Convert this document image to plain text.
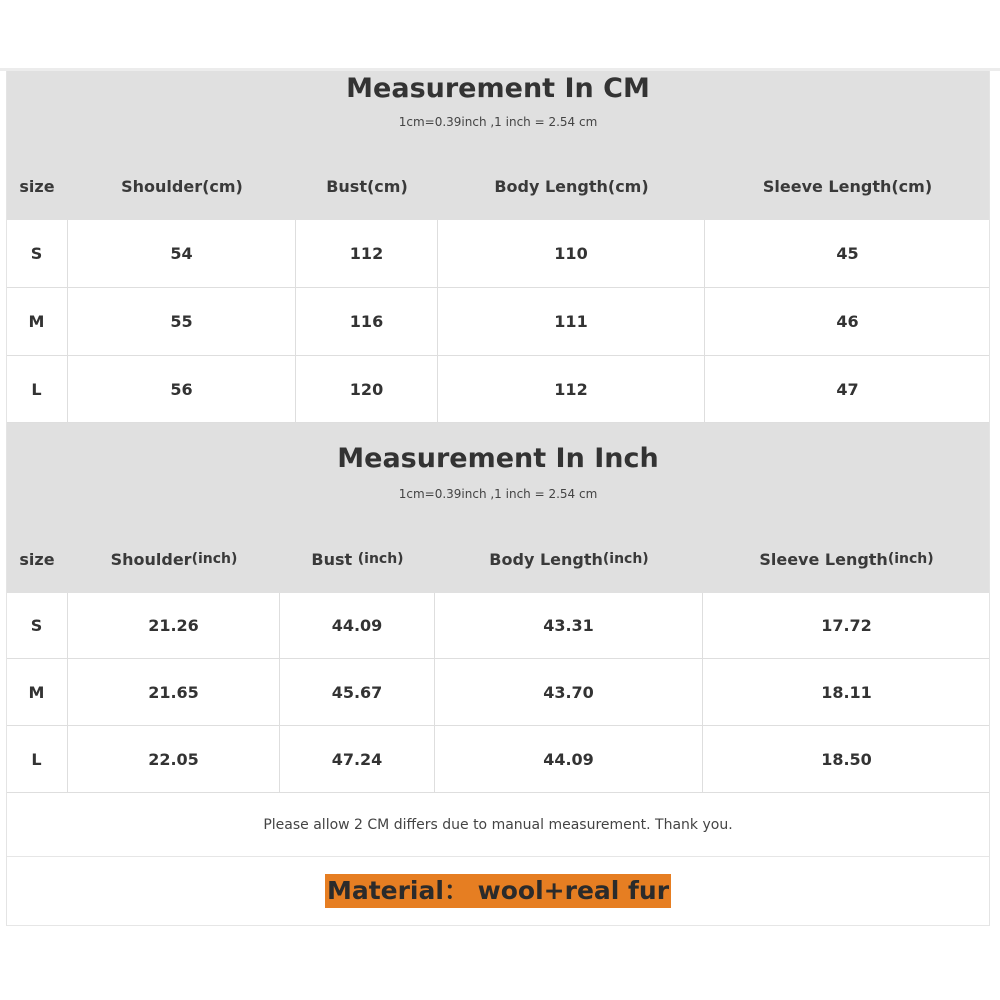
Measurement In CM
1cm=0.39inch ,1 inch = 2.54 cm
size	Shoulder(cm)	Bust(cm)	Body Length(cm)	Sleeve Length(cm)
S	54	112	110	45
M	55	116	111	46
L	56	120	112	47
Measurement In Inch
1cm=0.39inch ,1 inch = 2.54 cm
size	Shoulder (inch)	Bust (inch)	Body Length (inch)	Sleeve Length (inch)
S	21.26	44.09	43.31	17.72
M	21.65	45.67	43.70	18.11
L	22.05	47.24	44.09	18.50
Please allow 2 CM differs due to manual measurement. Thank you.
Material： wool+real fur
